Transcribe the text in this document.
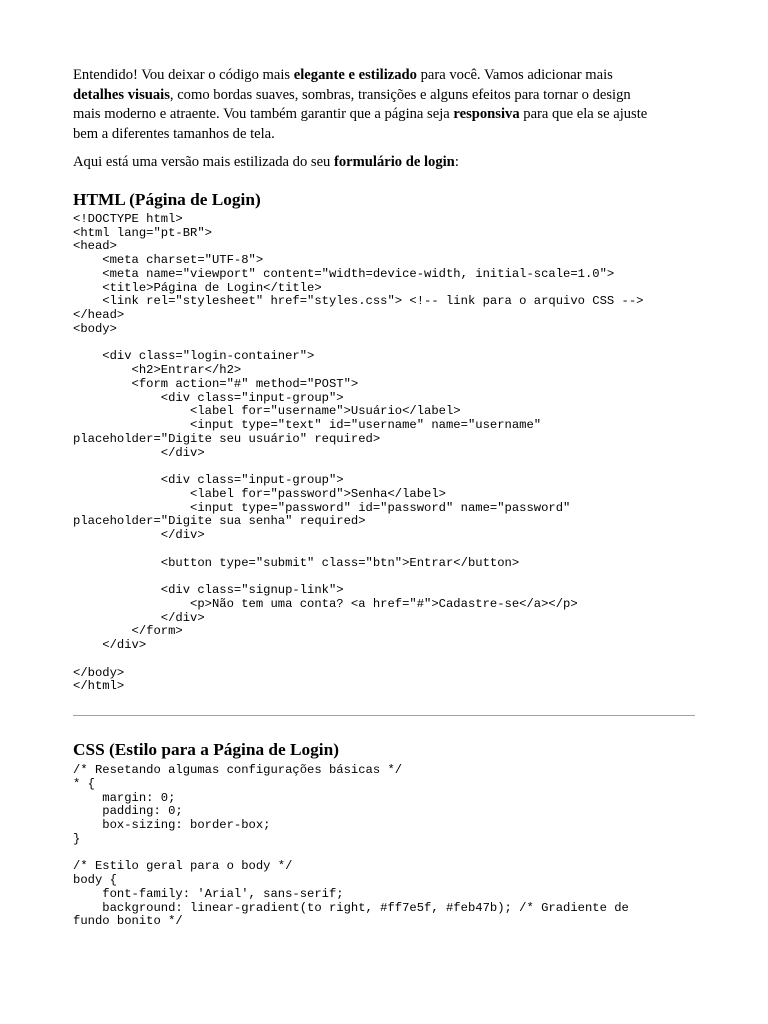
Entendido! Vou deixar o código mais elegante e estilizado para você. Vamos adicionar mais
detalhes visuais, como bordas suaves, sombras, transições e alguns efeitos para tornar o design
mais moderno e atraente. Vou também garantir que a página seja responsiva para que ela se ajuste
bem a diferentes tamanhos de tela.

Aqui está uma versão mais estilizada do seu formulário de login:

HTML (Página de Login)
<!DOCTYPE html>
<html lang="pt-BR">
<head>
<meta charset="UTF-8">
<meta name="viewport" content="width=device-width, initial-scale=1.0">
<title>Página de Login</title>
<link rel="stylesheet" href="styles.css"> <!-- link para o arquivo CSS -->
</head>
<body>

<div class="login-container">
<h2>Entrar</h2>
<form action="#" method="POST">
<div class="input-group">
<label for="username">Usuário</label>
<input type="text" id="username" name="username"
placeholder="Digite seu usuário" required>
</div>

<div class="input-group">
<label for="password">Senha</label>
<input type="password" id="password" name="password"
placeholder="Digite sua senha" required>
</div>

<button type="submit" class="btn">Entrar</button>

<div class="signup-link">
<p>Não tem uma conta? <a href="#">Cadastre-se</a></p>
</div>
</form>
</div>

</body>
</html>
CSS (Estilo para a Página de Login)
/* Resetando algumas configurações básicas */
* {
margin: 0;
padding: 0;
box-sizing: border-box;
}

/* Estilo geral para o body */
body {
font-family: 'Arial', sans-serif;
background: linear-gradient(to right, #ff7e5f, #feb47b); /* Gradiente de
fundo bonito */
